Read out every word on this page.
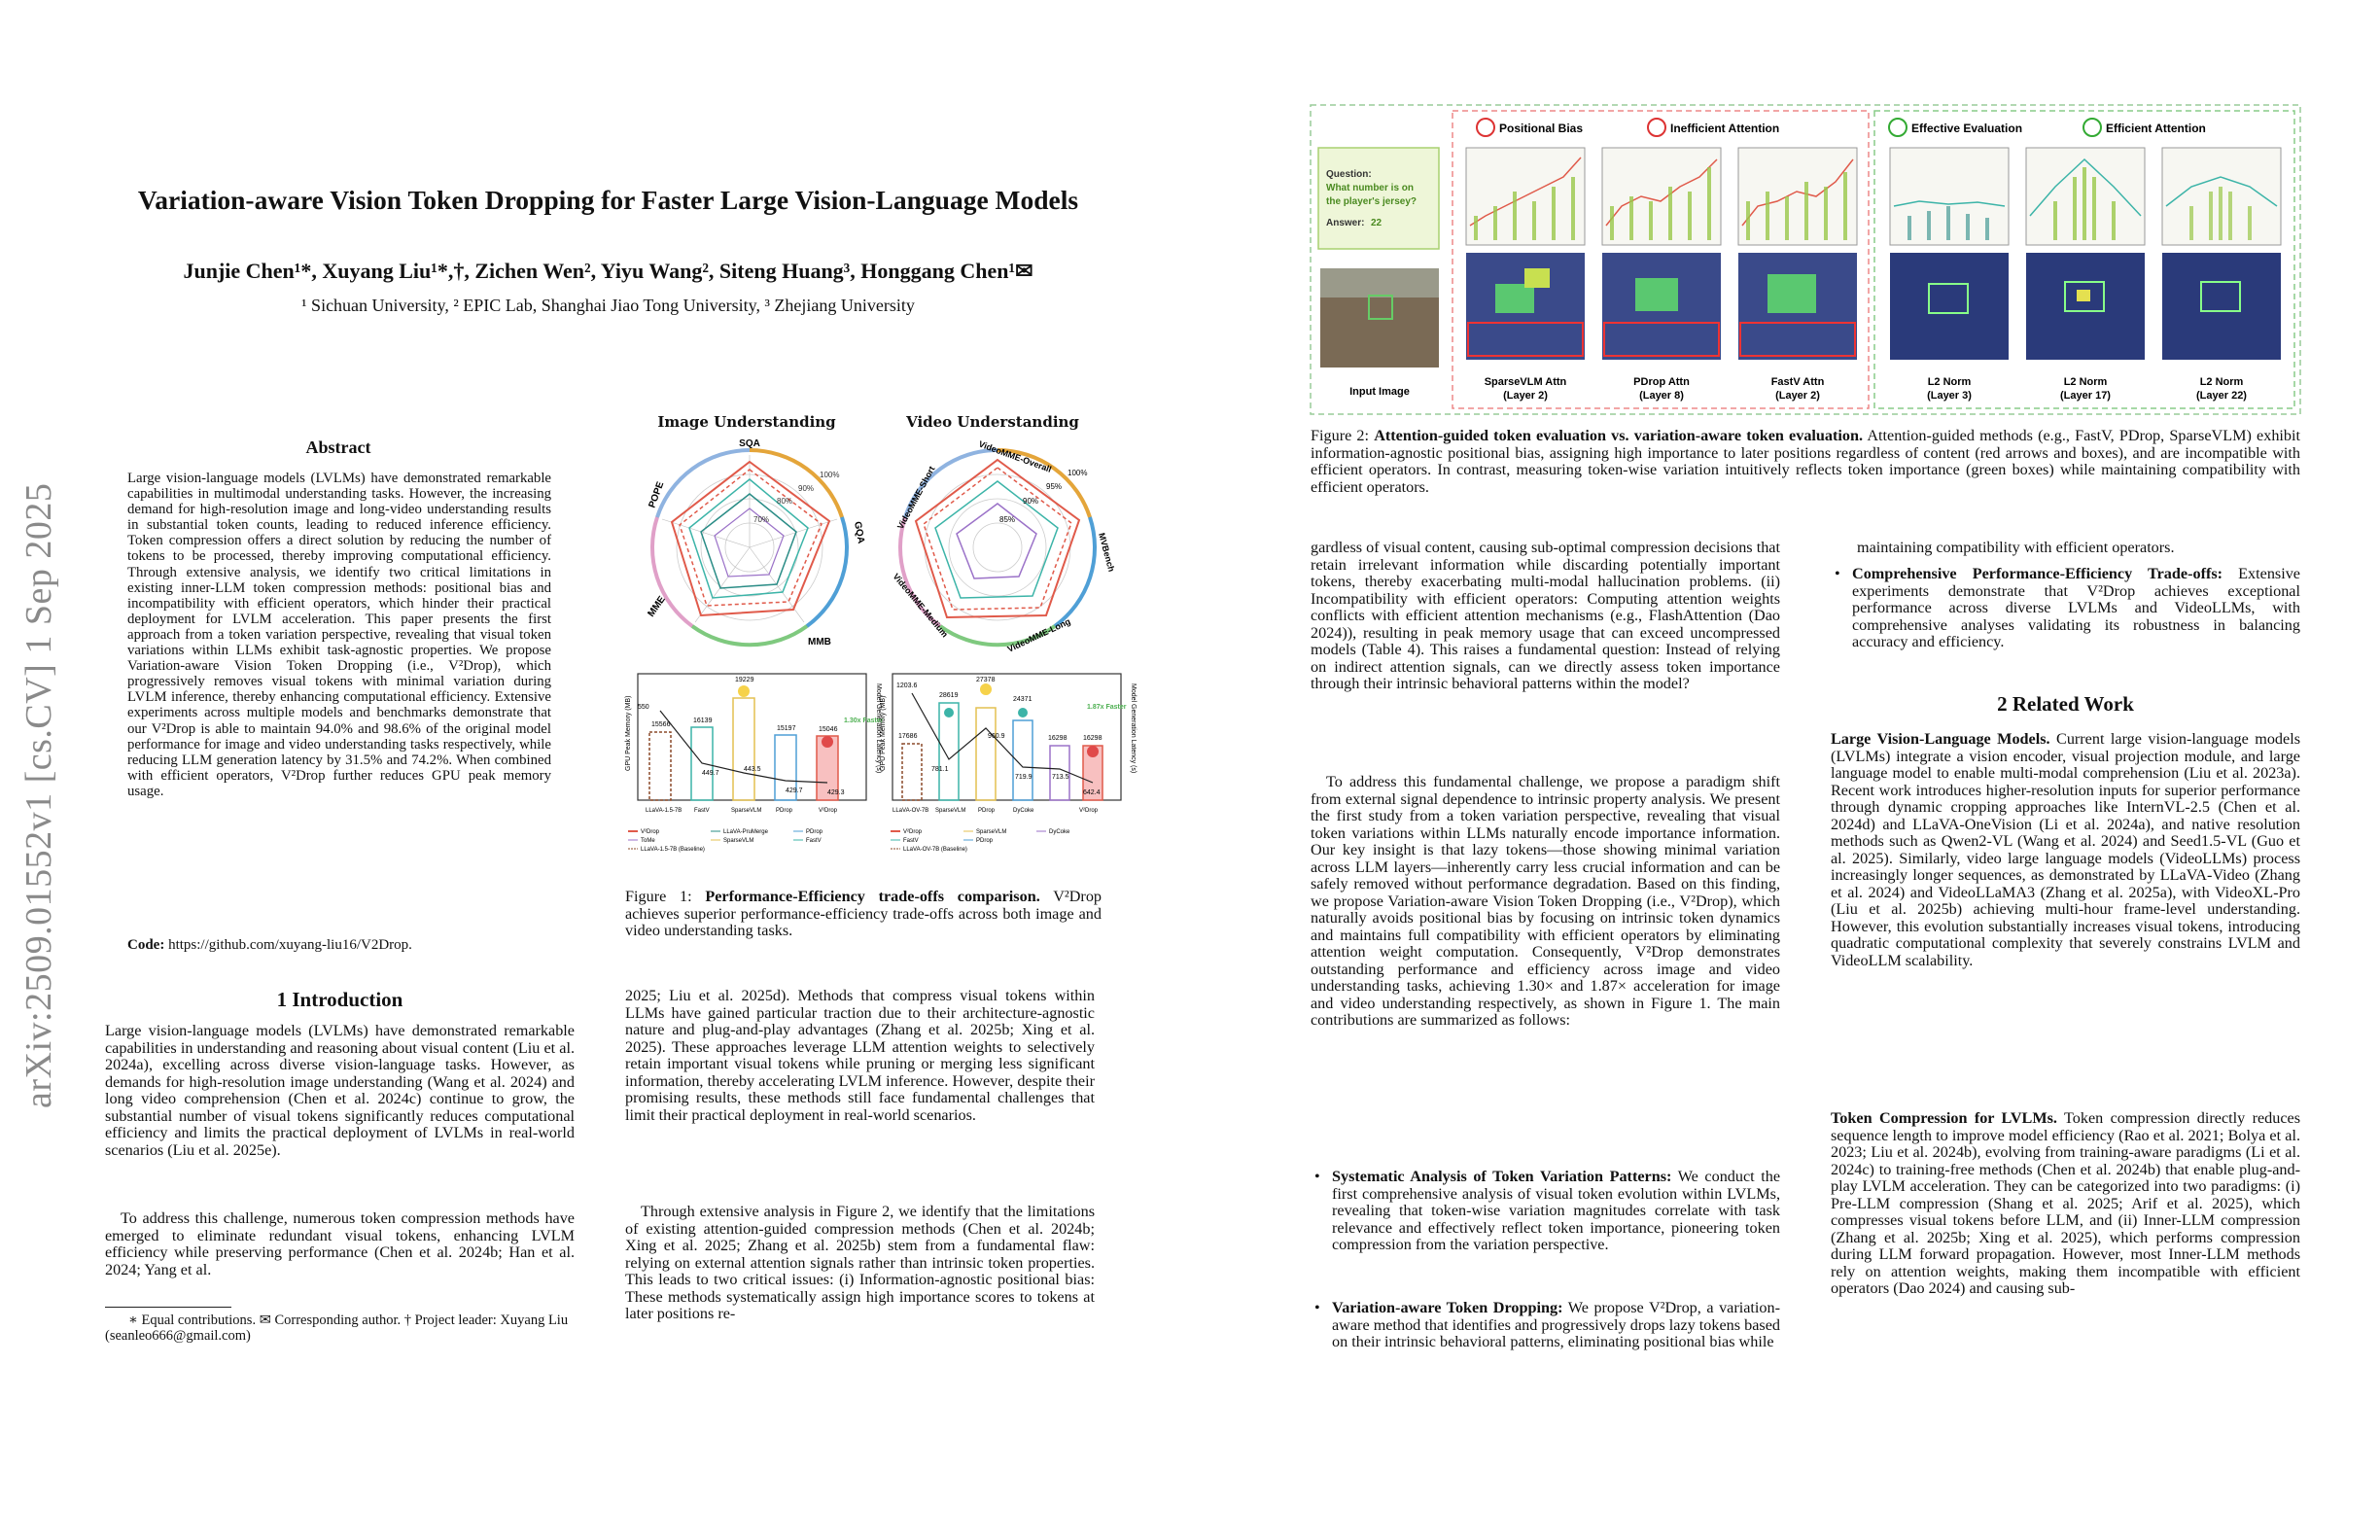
arXiv:2509.01552v1 [cs.CV] 1 Sep 2025
Variation-aware Vision Token Dropping for Faster Large Vision-Language Models
Junjie Chen¹*, Xuyang Liu¹*,†, Zichen Wen², Yiyu Wang², Siteng Huang³, Honggang Chen¹✉
¹ Sichuan University, ² EPIC Lab, Shanghai Jiao Tong University, ³ Zhejiang University
Abstract
Large vision-language models (LVLMs) have demonstrated remarkable capabilities in multimodal understanding tasks. However, the increasing demand for high-resolution image and long-video understanding results in substantial token counts, leading to reduced inference efficiency. Token compression offers a direct solution by reducing the number of tokens to be processed, thereby improving computational efficiency. Through extensive analysis, we identify two critical limitations in existing inner-LLM token compression methods: positional bias and incompatibility with efficient operators, which hinder their practical deployment for LVLM acceleration. This paper presents the first approach from a token variation perspective, revealing that visual token variations within LLMs exhibit task-agnostic properties. We propose Variation-aware Vision Token Dropping (i.e., V²Drop), which progressively removes visual tokens with minimal variation during LVLM inference, thereby enhancing computational efficiency. Extensive experiments across multiple models and benchmarks demonstrate that our V²Drop is able to maintain 94.0% and 98.6% of the original model performance for image and video understanding tasks respectively, while reducing LLM generation latency by 31.5% and 74.2%. When combined with efficient operators, V²Drop further reduces GPU peak memory usage.
Code: https://github.com/xuyang-liu16/V2Drop.
1 Introduction
Large vision-language models (LVLMs) have demonstrated remarkable capabilities in understanding and reasoning about visual content (Liu et al. 2024a), excelling across diverse vision-language tasks. However, as demands for high-resolution image understanding (Wang et al. 2024) and long video comprehension (Chen et al. 2024c) continue to grow, the substantial number of visual tokens significantly reduces computational efficiency and limits the practical deployment of LVLMs in real-world scenarios (Liu et al. 2025e).
To address this challenge, numerous token compression methods have emerged to eliminate redundant visual tokens, enhancing LVLM efficiency while preserving performance (Chen et al. 2024b; Han et al. 2024; Yang et al.
∗ Equal contributions. ✉ Corresponding author. † Project leader: Xuyang Liu (seanleo666@gmail.com)
Image Understanding	Video Understanding
70%
80%
90%
100%
SQA
GQA
MMB
MME
POPE
85%
90%
95%
100%
VideoMME-Overall
MVBench
VideoMME-Long
VideoMME-Medium
VideoMME-Short
GPU Peak Memory (MB)	Model Generation Latency (s)
15566
16139
19229
15197	15046
550
449.7
443.5
429.7	429.3
1.30x Faster
LLaVA-1.5-7B FastV	SparseVLM PDrop	V²Drop
GPU Peak Memory (MB)	Model Generation Latency (s)
17686
28619
27378
24371
16298 16298
1203.6
781.1
960.9
719.9	713.5
642.4
1.87x Faster
LLaVA-OV-7B SparseVLM PDrop	DyCoke	V²Drop
V²Drop
ToMe
LLaVA-1.5-7B (Baseline)
LLaVA-PruMerge
SparseVLM
PDrop
FastV
V²Drop
FastV
LLaVA-OV-7B (Baseline)
SparseVLM
PDrop
DyCoke
Figure 1: Performance-Efficiency trade-offs comparison. V²Drop achieves superior performance-efficiency trade-offs across both image and video understanding tasks.
2025; Liu et al. 2025d). Methods that compress visual tokens within LLMs have gained particular traction due to their architecture-agnostic nature and plug-and-play advantages (Zhang et al. 2025b; Xing et al. 2025). These approaches leverage LLM attention weights to selectively retain important visual tokens while pruning or merging less significant information, thereby accelerating LVLM inference. However, despite their promising results, these methods still face fundamental challenges that limit their practical deployment in real-world scenarios.
Through extensive analysis in Figure 2, we identify that the limitations of existing attention-guided compression methods (Chen et al. 2024b; Xing et al. 2025; Zhang et al. 2025b) stem from a fundamental flaw: relying on external attention signals rather than intrinsic token properties. This leads to two critical issues: (i) Information-agnostic positional bias: These methods systematically assign high importance scores to tokens at later positions re-
Question:
What number is on
the player's jersey?
Answer: 22
Input Image
Positional Bias	Inefficient Attention	Effective Evaluation	Efficient Attention
SparseVLM Attn
(Layer 2)
PDrop Attn
(Layer 8)
FastV Attn
(Layer 2)
L2 Norm
(Layer 3)
L2 Norm
(Layer 17)
L2 Norm
(Layer 22)
Figure 2: Attention-guided token evaluation vs. variation-aware token evaluation. Attention-guided methods (e.g., FastV, PDrop, SparseVLM) exhibit information-agnostic positional bias, assigning high importance to later positions regardless of content (red arrows and boxes), and are incompatible with efficient operators. In contrast, measuring token-wise variation intuitively reflects token importance (green boxes) while maintaining compatibility with efficient operators.
gardless of visual content, causing sub-optimal compression decisions that retain irrelevant information while discarding potentially important tokens, thereby exacerbating multi-modal hallucination problems. (ii) Incompatibility with efficient operators: Computing attention weights conflicts with efficient attention mechanisms (e.g., FlashAttention (Dao 2024)), resulting in peak memory usage that can exceed uncompressed models (Table 4). This raises a fundamental question: Instead of relying on indirect attention signals, can we directly assess token importance through their intrinsic behavioral patterns within the model?
To address this fundamental challenge, we propose a paradigm shift from external signal dependence to intrinsic property analysis. We present the first study from a token variation perspective, revealing that visual token variations within LLMs naturally encode importance information. Our key insight is that lazy tokens—those showing minimal variation across LLM layers—inherently carry less crucial information and can be safely removed without performance degradation. Based on this finding, we propose Variation-aware Vision Token Dropping (i.e., V²Drop), which naturally avoids positional bias by focusing on intrinsic token dynamics and maintains full compatibility with efficient operators by eliminating attention weight computation. Consequently, V²Drop demonstrates outstanding performance and efficiency across image and video understanding tasks, achieving 1.30× and 1.87× acceleration for image and video understanding respectively, as shown in Figure 1. The main contributions are summarized as follows:
• Systematic Analysis of Token Variation Patterns: We conduct the first comprehensive analysis of visual token evolution within LVLMs, revealing that token-wise variation magnitudes correlate with task relevance and effectively reflect token importance, pioneering token compression from the variation perspective.
• Variation-aware Token Dropping: We propose V²Drop, a variation-aware method that identifies and progressively drops lazy tokens based on their intrinsic behavioral patterns, eliminating positional bias while
maintaining compatibility with efficient operators.
• Comprehensive Performance-Efficiency Trade-offs: Extensive experiments demonstrate that V²Drop achieves exceptional performance across diverse LVLMs and VideoLLMs, with comprehensive analyses validating its robustness in balancing accuracy and efficiency.
2 Related Work
Large Vision-Language Models. Current large vision-language models (LVLMs) integrate a vision encoder, visual projection module, and large language model to enable multi-modal comprehension (Liu et al. 2023a). Recent work introduces higher-resolution inputs for superior performance through dynamic cropping approaches like InternVL-2.5 (Chen et al. 2024d) and LLaVA-OneVision (Li et al. 2024a), and native resolution methods such as Qwen2-VL (Wang et al. 2024) and Seed1.5-VL (Guo et al. 2025). Similarly, video large language models (VideoLLMs) process increasingly longer sequences, as demonstrated by LLaVA-Video (Zhang et al. 2024) and VideoLLaMA3 (Zhang et al. 2025a), with VideoXL-Pro (Liu et al. 2025b) achieving multi-hour frame-level understanding. However, this evolution substantially increases visual tokens, introducing quadratic computational complexity that severely constrains LVLM and VideoLLM scalability.
Token Compression for LVLMs. Token compression directly reduces sequence length to improve model efficiency (Rao et al. 2021; Bolya et al. 2023; Liu et al. 2024b), evolving from training-aware paradigms (Li et al. 2024c) to training-free methods (Chen et al. 2024b) that enable plug-and-play LVLM acceleration. They can be categorized into two paradigms: (i) Pre-LLM compression (Shang et al. 2025; Arif et al. 2025), which compresses visual tokens before LLM, and (ii) Inner-LLM compression (Zhang et al. 2025b; Xing et al. 2025), which performs compression during LLM forward propagation. However, most Inner-LLM methods rely on attention weights, making them incompatible with efficient operators (Dao 2024) and causing sub-
